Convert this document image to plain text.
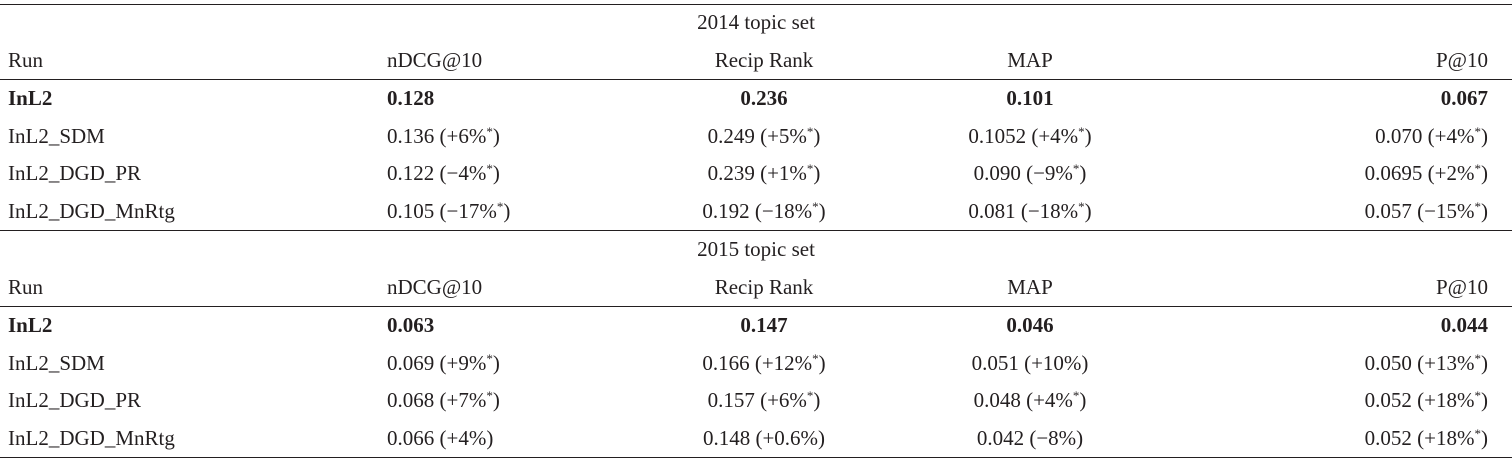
2014 topic set				
Run	nDCG@10	Recip Rank	MAP	P@10
InL2	0.128	0.236	0.101	0.067
InL2_SDM	0.136 (+6%*)	0.249 (+5%*)	0.1052 (+4%*)	0.070 (+4%*)
InL2_DGD_PR	0.122 (−4%*)	0.239 (+1%*)	0.090 (−9%*)	0.0695 (+2%*)
InL2_DGD_MnRtg	0.105 (−17%*)	0.192 (−18%*)	0.081 (−18%*)	0.057 (−15%*)
2015 topic set				
Run	nDCG@10	Recip Rank	MAP	P@10
InL2	0.063	0.147	0.046	0.044
InL2_SDM	0.069 (+9%*)	0.166 (+12%*)	0.051 (+10%)	0.050 (+13%*)
InL2_DGD_PR	0.068 (+7%*)	0.157 (+6%*)	0.048 (+4%*)	0.052 (+18%*)
InL2_DGD_MnRtg	0.066 (+4%)	0.148 (+0.6%)	0.042 (−8%)	0.052 (+18%*)
